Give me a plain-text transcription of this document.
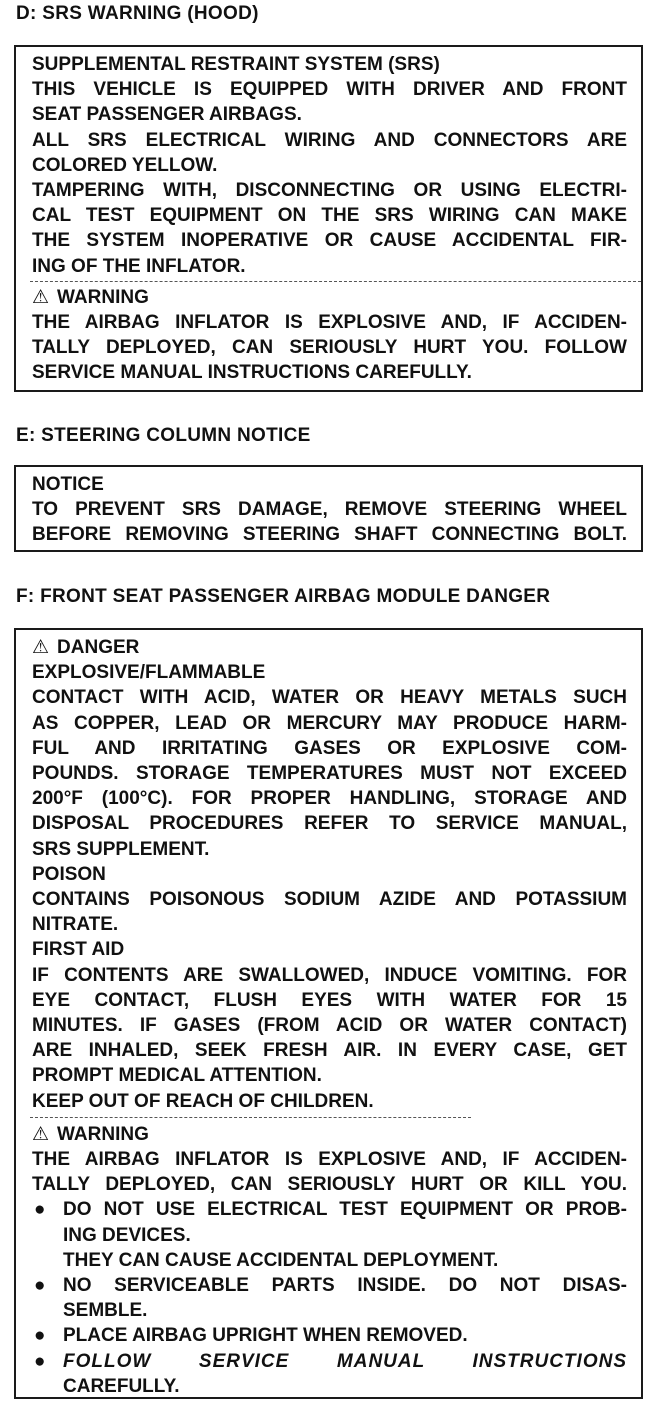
D: SRS WARNING (HOOD)
SUPPLEMENTAL RESTRAINT SYSTEM (SRS)
THIS VEHICLE IS EQUIPPED WITH DRIVER AND FRONT
SEAT PASSENGER AIRBAGS.
ALL SRS ELECTRICAL WIRING AND CONNECTORS ARE
COLORED YELLOW.
TAMPERING WITH, DISCONNECTING OR USING ELECTRI-
CAL TEST EQUIPMENT ON THE SRS WIRING CAN MAKE
THE SYSTEM INOPERATIVE OR CAUSE ACCIDENTAL FIR-
ING OF THE INFLATOR.
⚠ WARNING
THE AIRBAG INFLATOR IS EXPLOSIVE AND, IF ACCIDEN-
TALLY DEPLOYED, CAN SERIOUSLY HURT YOU. FOLLOW
SERVICE MANUAL INSTRUCTIONS CAREFULLY.
E: STEERING COLUMN NOTICE
NOTICE
TO PREVENT SRS DAMAGE, REMOVE STEERING WHEEL
BEFORE REMOVING STEERING SHAFT CONNECTING BOLT.
F: FRONT SEAT PASSENGER AIRBAG MODULE DANGER
⚠ DANGER
EXPLOSIVE/FLAMMABLE
CONTACT WITH ACID, WATER OR HEAVY METALS SUCH
AS COPPER, LEAD OR MERCURY MAY PRODUCE HARM-
FUL AND IRRITATING GASES OR EXPLOSIVE COM-
POUNDS. STORAGE TEMPERATURES MUST NOT EXCEED
200°F (100°C). FOR PROPER HANDLING, STORAGE AND
DISPOSAL PROCEDURES REFER TO SERVICE MANUAL,
SRS SUPPLEMENT.
POISON
CONTAINS POISONOUS SODIUM AZIDE AND POTASSIUM
NITRATE.
FIRST AID
IF CONTENTS ARE SWALLOWED, INDUCE VOMITING. FOR
EYE CONTACT, FLUSH EYES WITH WATER FOR 15
MINUTES. IF GASES (FROM ACID OR WATER CONTACT)
ARE INHALED, SEEK FRESH AIR. IN EVERY CASE, GET
PROMPT MEDICAL ATTENTION.
KEEP OUT OF REACH OF CHILDREN.
⚠ WARNING
THE AIRBAG INFLATOR IS EXPLOSIVE AND, IF ACCIDEN-
TALLY DEPLOYED, CAN SERIOUSLY HURT OR KILL YOU.
● DO NOT USE ELECTRICAL TEST EQUIPMENT OR PROB-
ING DEVICES.
THEY CAN CAUSE ACCIDENTAL DEPLOYMENT.
● NO SERVICEABLE PARTS INSIDE. DO NOT DISAS-
SEMBLE.
● PLACE AIRBAG UPRIGHT WHEN REMOVED.
● FOLLOW SERVICE MANUAL INSTRUCTIONS
CAREFULLY.
